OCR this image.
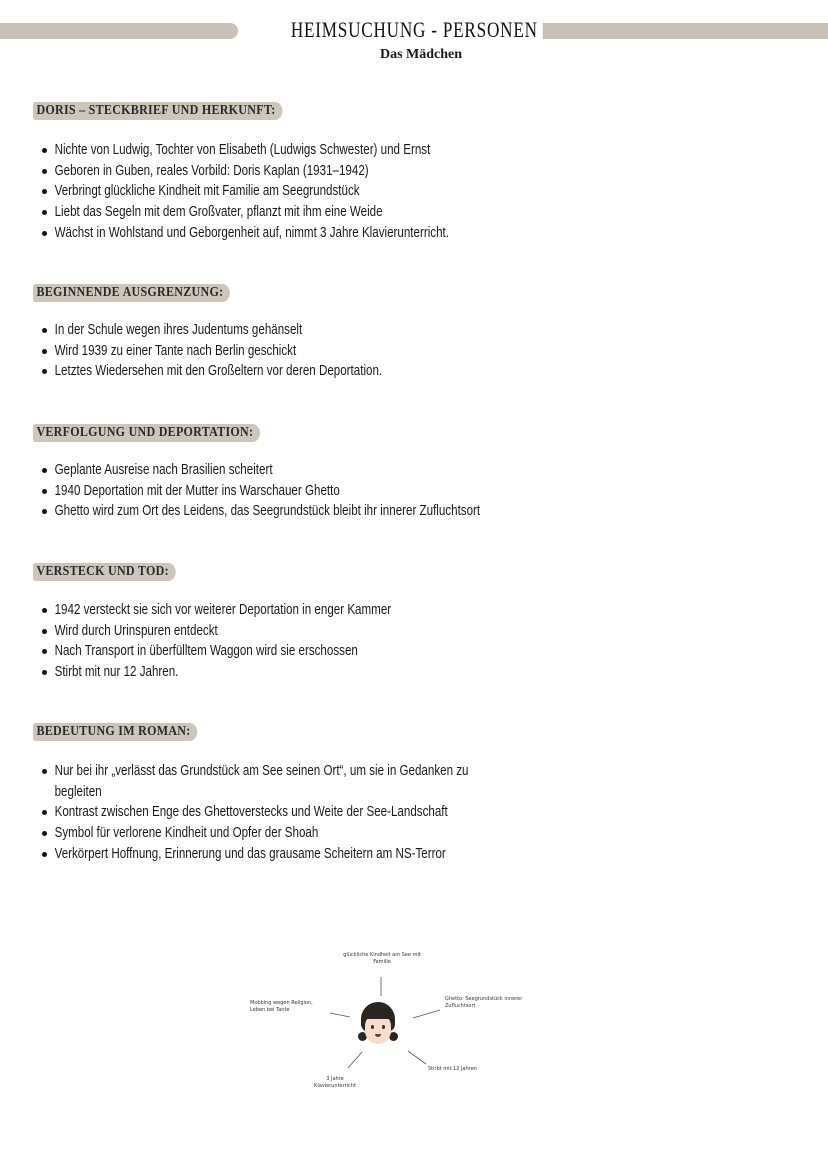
HEIMSUCHUNG - PERSONEN
Das Mädchen
DORIS – STECKBRIEF UND HERKUNFT:
Nichte von Ludwig, Tochter von Elisabeth (Ludwigs Schwester) und Ernst
Geboren in Guben, reales Vorbild: Doris Kaplan (1931–1942)
Verbringt glückliche Kindheit mit Familie am Seegrundstück
Liebt das Segeln mit dem Großvater, pflanzt mit ihm eine Weide
Wächst in Wohlstand und Geborgenheit auf, nimmt 3 Jahre Klavierunterricht.
BEGINNENDE AUSGRENZUNG:
In der Schule wegen ihres Judentums gehänselt
Wird 1939 zu einer Tante nach Berlin geschickt
Letztes Wiedersehen mit den Großeltern vor deren Deportation.
VERFOLGUNG UND DEPORTATION:
Geplante Ausreise nach Brasilien scheitert
1940 Deportation mit der Mutter ins Warschauer Ghetto
Ghetto wird zum Ort des Leidens, das Seegrundstück bleibt ihr innerer Zufluchtsort
VERSTECK UND TOD:
1942 versteckt sie sich vor weiterer Deportation in enger Kammer
Wird durch Urinspuren entdeckt
Nach Transport in überfülltem Waggon wird sie erschossen
Stirbt mit nur 12 Jahren.
BEDEUTUNG IM ROMAN:
Nur bei ihr „verlässt das Grundstück am See seinen Ort“, um sie in Gedanken zu
begleiten
Kontrast zwischen Enge des Ghettoverstecks und Weite der See-Landschaft
Symbol für verlorene Kindheit und Opfer der Shoah
Verkörpert Hoffnung, Erinnerung und das grausame Scheitern am NS-Terror
glückliche Kindheit am See mit Familie
Mobbing wegen Religion, Leben bei Tante
Ghetto: Seegrundstück innerer Zufluchtsort
Stirbt mit 12 Jahren
3 Jahre Klavierunterricht
